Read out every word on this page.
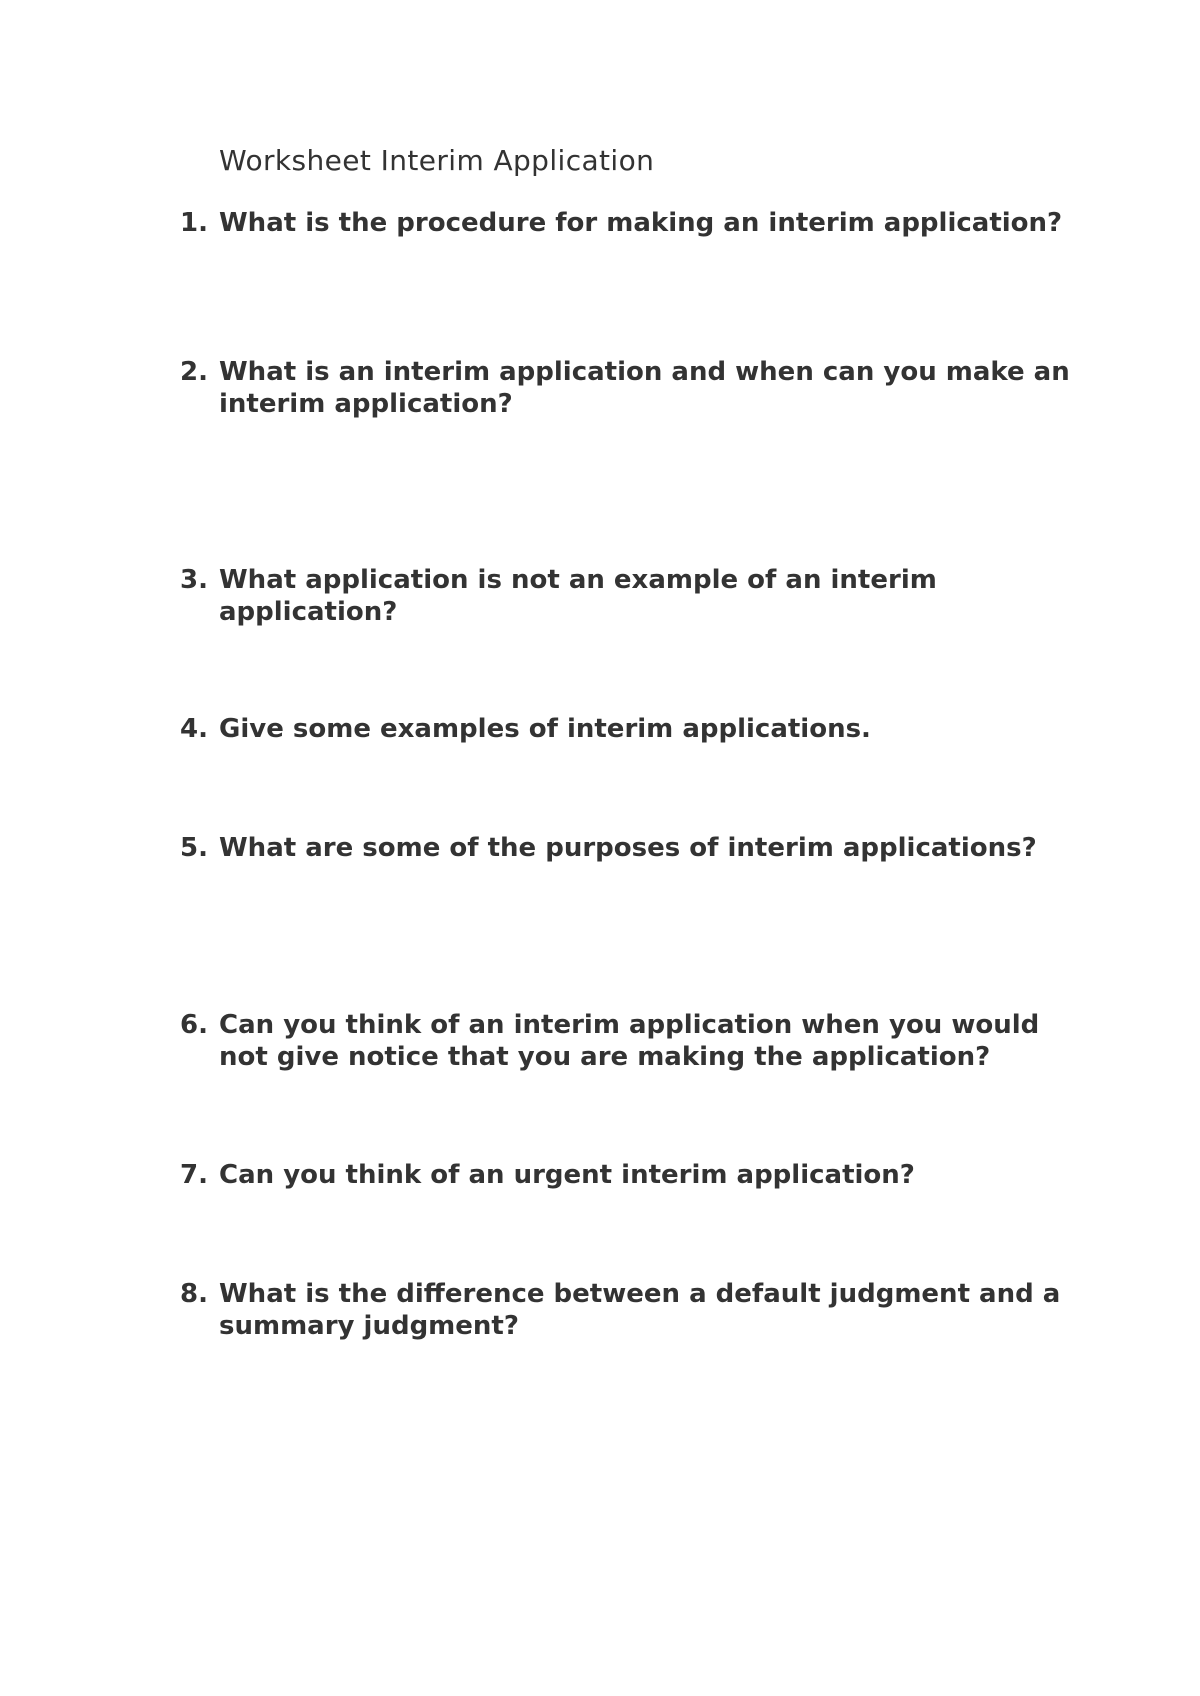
Worksheet Interim Application
1. What is the procedure for making an interim application?
2. What is an interim application and when can you make an interim application?
3. What application is not an example of an interim application?
4. Give some examples of interim applications.
5. What are some of the purposes of interim applications?
6. Can you think of an interim application when you would not give notice that you are making the application?
7. Can you think of an urgent interim application?
8. What is the difference between a default judgment and a summary judgment?
